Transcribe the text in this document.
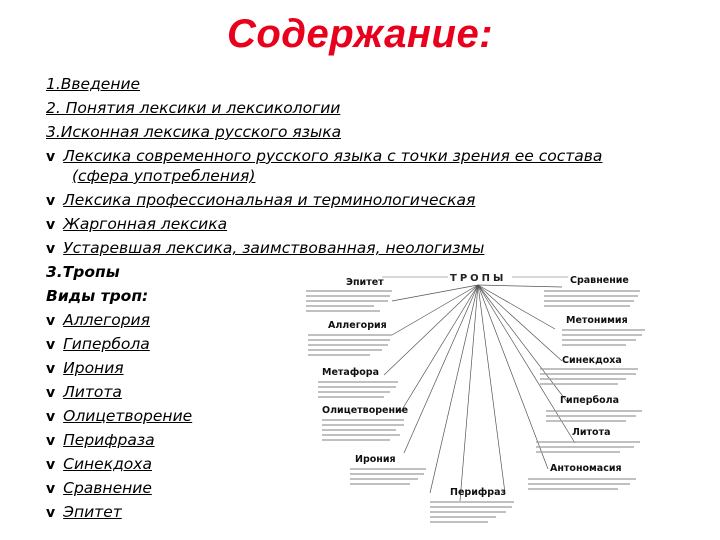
Содержание:
1.Введение
2. Понятия лексики и лексикологии
3.Исконная лексика русского языка
v Лексика современного русского языка с точки зрения ее состава
(сфера употребления)
v Лексика профессиональная и терминологическая
v Жаргонная лексика
v Устаревшая лексика, заимствованная, неологизмы
3.Тропы
Виды троп:
v Аллегория
v Гипербола
v Ирония
v Литота
v Олицетворение
v Перифраза
v Синекдоха
v Сравнение
v Эпитет
ТРОПЫ
Эпитет	Сравнение
Аллегория	Метонимия
Метафора
Синекдоха
Олицетворение
Гипербола
Литота
Ирония
Антономасия
Перифраз
